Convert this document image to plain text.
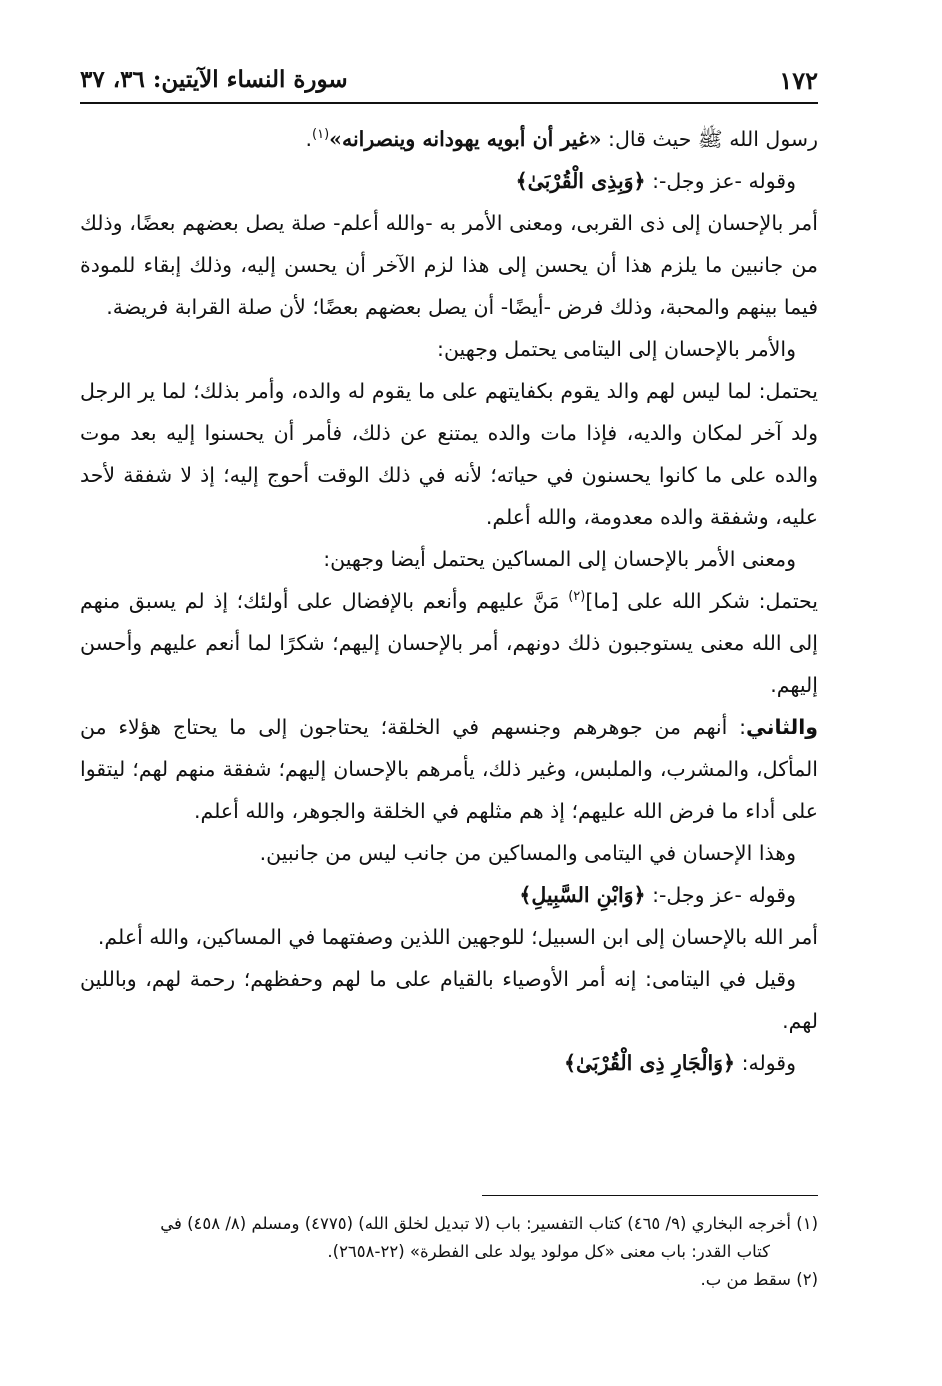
١٧٢
سورة النساء الآيتين: ٣٦، ٣٧

رسول الله ﷺ حيث قال: «غير أن أبويه يهودانه وينصرانه»$^{(١)}$.

وقوله -عز وجل-: ﴿وَبِذِى الْقُرْبَىٰ﴾

أمر بالإحسان إلى ذى القربى، ومعنى الأمر به -والله أعلم- صلة يصل بعضهم بعضًا، وذلك من جانبين ما يلزم هذا أن يحسن إلى هذا لزم الآخر أن يحسن إليه، وذلك إبقاء للمودة فيما بينهم والمحبة، وذلك فرض -أيضًا- أن يصل بعضهم بعضًا؛ لأن صلة القرابة فريضة.

والأمر بالإحسان إلى اليتامى يحتمل وجهين:

يحتمل: لما ليس لهم والد يقوم بكفايتهم على ما يقوم له والده، وأمر بذلك؛ لما ير الرجل ولد آخر لمكان والديه، فإذا مات والده يمتنع عن ذلك، فأمر أن يحسنوا إليه بعد موت والده على ما كانوا يحسنون في حياته؛ لأنه في ذلك الوقت أحوج إليه؛ إذ لا شفقة لأحد عليه، وشفقة والده معدومة، والله أعلم.

ومعنى الأمر بالإحسان إلى المساكين يحتمل أيضا وجهين:

يحتمل: شكر الله على [ما]$^{(٢)}$ مَنَّ عليهم وأنعم بالإفضال على أولئك؛ إذ لم يسبق منهم إلى الله معنى يستوجبون ذلك دونهم، أمر بالإحسان إليهم؛ شكرًا لما أنعم عليهم وأحسن إليهم.

والثاني: أنهم من جوهرهم وجنسهم في الخلقة؛ يحتاجون إلى ما يحتاج هؤلاء من المأكل، والمشرب، والملبس، وغير ذلك، يأمرهم بالإحسان إليهم؛ شفقة منهم لهم؛ ليتقوا على أداء ما فرض الله عليهم؛ إذ هم مثلهم في الخلقة والجوهر، والله أعلم.

وهذا الإحسان في اليتامى والمساكين من جانب ليس من جانبين.

وقوله -عز وجل-: ﴿وَابْنِ السَّبِيلِ﴾

أمر الله بالإحسان إلى ابن السبيل؛ للوجهين اللذين وصفتهما في المساكين، والله أعلم.

وقيل في اليتامى: إنه أمر الأوصياء بالقيام على ما لهم وحفظهم؛ رحمة لهم، وباللين لهم.

وقوله: ﴿وَالْجَارِ ذِى الْقُرْبَىٰ﴾

(١) أخرجه البخاري (٩/ ٤٦٥) كتاب التفسير: باب (لا تبديل لخلق الله) (٤٧٧٥) ومسلم (٨/ ٤٥٨) في

كتاب القدر: باب معنى «كل مولود يولد على الفطرة» (٢٢-٢٦٥٨).

(٢) سقط من ب.
